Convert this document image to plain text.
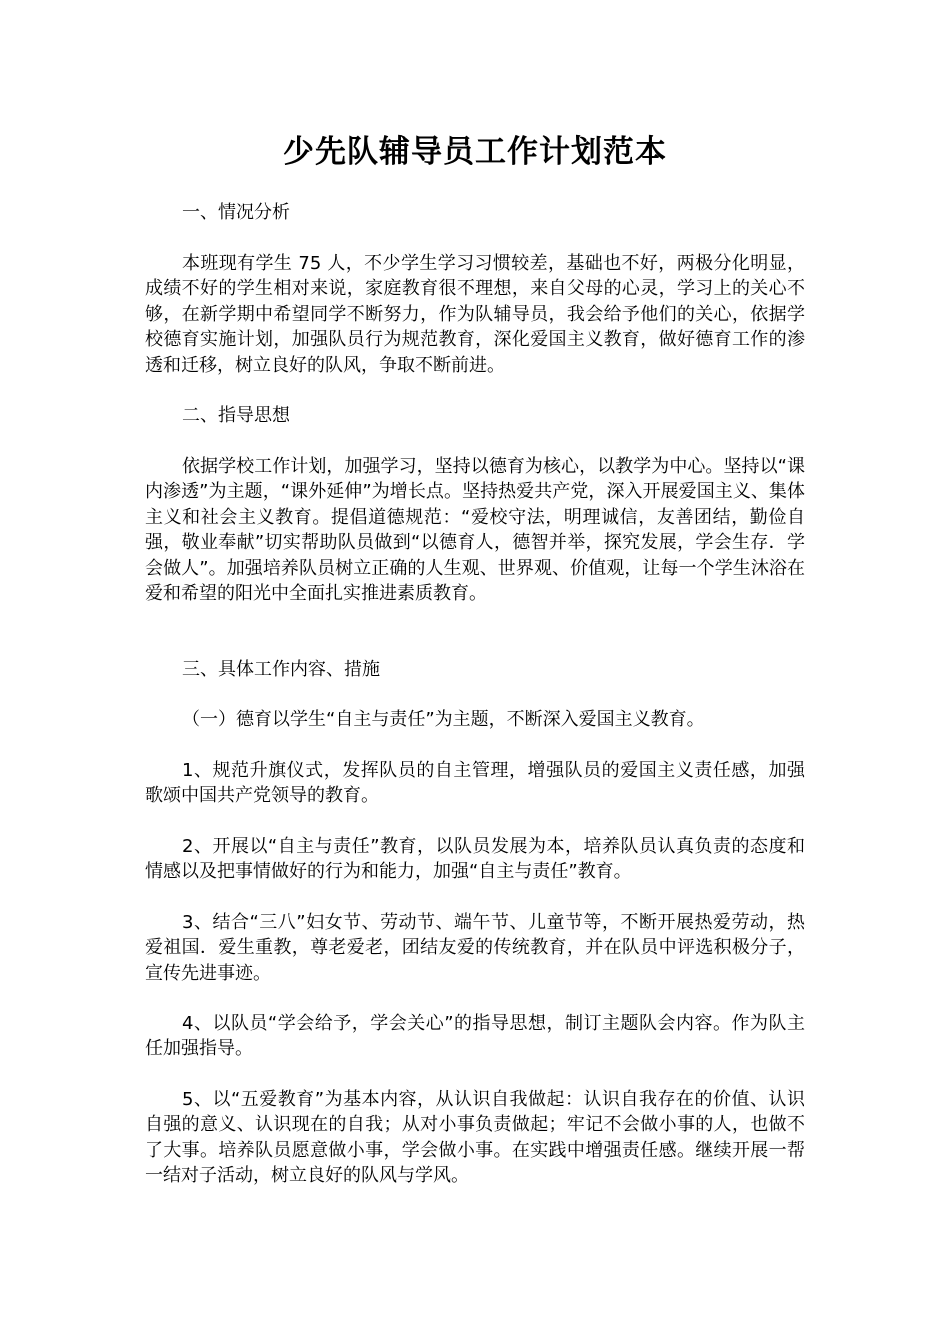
少先队辅导员工作计划范本

一、情况分析

本班现有学生 75 人，不少学生学习习惯较差，基础也不好，两极分化明显，成绩不好的学生相对来说，家庭教育很不理想，来自父母的心灵，学习上的关心不够，在新学期中希望同学不断努力，作为队辅导员，我会给予他们的关心，依据学校德育实施计划，加强队员行为规范教育，深化爱国主义教育，做好德育工作的渗透和迁移，树立良好的队风，争取不断前进。

二、指导思想

依据学校工作计划，加强学习，坚持以德育为核心，以教学为中心。坚持以“课内渗透”为主题，“课外延伸”为增长点。坚持热爱共产党，深入开展爱国主义、集体主义和社会主义教育。提倡道德规范：“爱校守法，明理诚信，友善团结，勤俭自强，敬业奉献”切实帮助队员做到“以德育人，德智并举，探究发展，学会生存．学会做人”。加强培养队员树立正确的人生观、世界观、价值观，让每一个学生沐浴在爱和希望的阳光中全面扎实推进素质教育。

三、具体工作内容、措施

（一）德育以学生“自主与责任”为主题，不断深入爱国主义教育。

1、规范升旗仪式，发挥队员的自主管理，增强队员的爱国主义责任感，加强歌颂中国共产党领导的教育。

2、开展以“自主与责任”教育，以队员发展为本，培养队员认真负责的态度和情感以及把事情做好的行为和能力，加强“自主与责任”教育。

3、结合“三八”妇女节、劳动节、端午节、儿童节等，不断开展热爱劳动，热爱祖国．爱生重教，尊老爱老，团结友爱的传统教育，并在队员中评选积极分子，宣传先进事迹。

4、以队员“学会给予，学会关心”的指导思想，制订主题队会内容。作为队主任加强指导。

5、以“五爱教育”为基本内容，从认识自我做起：认识自我存在的价值、认识自强的意义、认识现在的自我；从对小事负责做起；牢记不会做小事的人，也做不了大事。培养队员愿意做小事，学会做小事。在实践中增强责任感。继续开展一帮一结对子活动，树立良好的队风与学风。
